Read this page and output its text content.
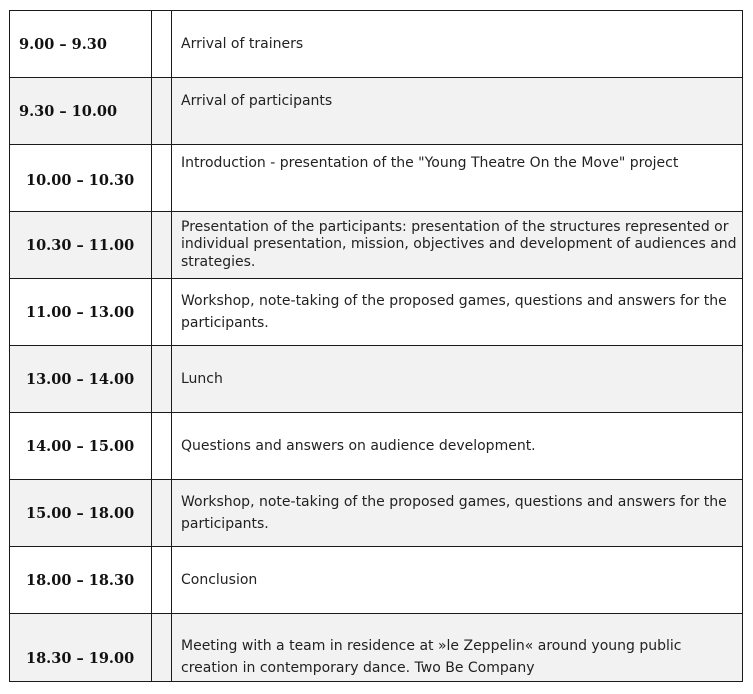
9.00 – 9.30		Arrival of trainers
9.30 – 10.00		Arrival of participants
10.00 – 10.30		Introduction - presentation of the "Young Theatre On the Move" project
10.30 – 11.00		Presentation of the participants: presentation of the structures represented or individual presentation, mission, objectives and development of audiences and strategies.
11.00 – 13.00		Workshop, note-taking of the proposed games, questions and answers for the participants.
13.00 – 14.00		Lunch
14.00 – 15.00		Questions and answers on audience development.
15.00 – 18.00		Workshop, note-taking of the proposed games, questions and answers for the participants.
18.00 – 18.30		Conclusion
18.30 – 19.00		Meeting with a team in residence at »le Zeppelin« around young public creation in contemporary dance. Two Be Company
